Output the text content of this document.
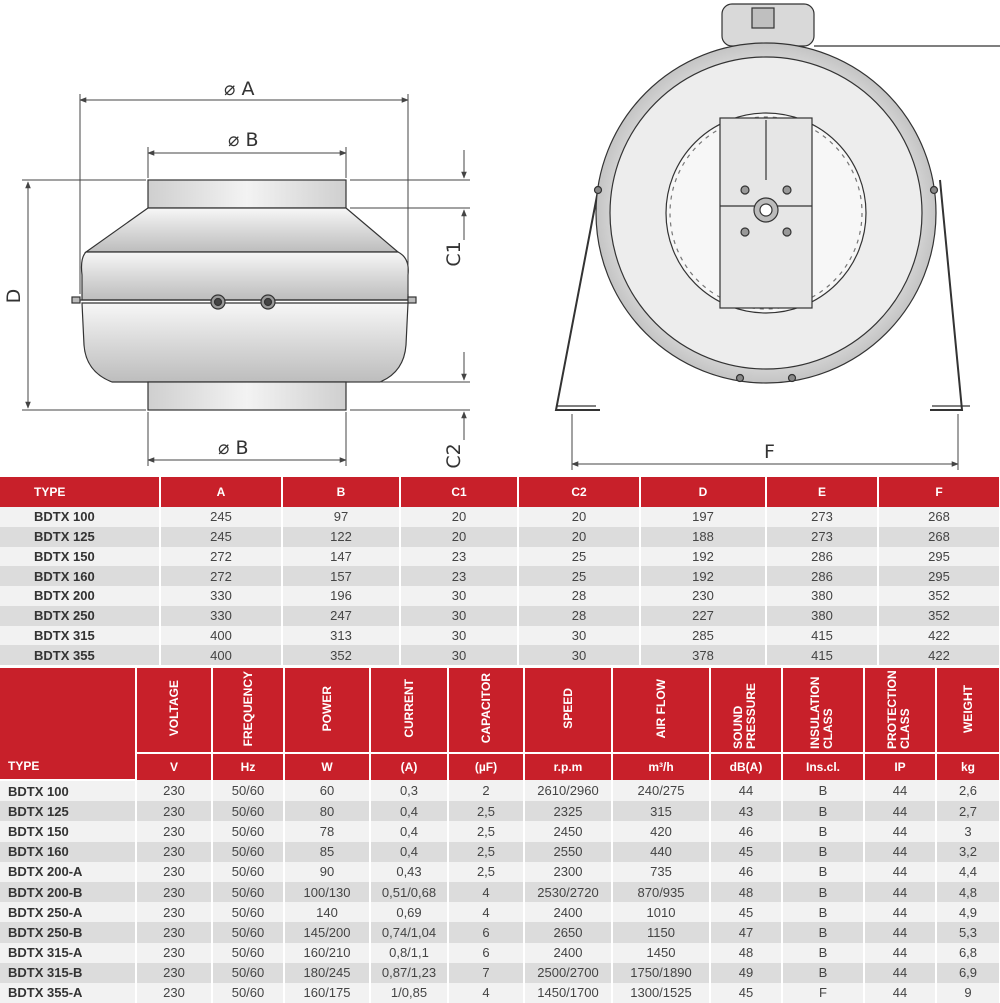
⌀ A
⌀ B
⌀ B
D
C1
C2	F
TYPE	A	B	C1	C2	D	E	F
BDTX 100	245	97	20	20	197	273	268
BDTX 125	245	122	20	20	188	273	268
BDTX 150	272	147	23	25	192	286	295
BDTX 160	272	157	23	25	192	286	295
BDTX 200	330	196	30	28	230	380	352
BDTX 250	330	247	30	28	227	380	352
BDTX 315	400	313	30	30	285	415	422
BDTX 355	400	352	30	30	378	415	422
TYPE	VOLTAGE	FREQUENCY	POWER	CURRENT	CAPACITOR	SPEED	AIR FLOW	SOUND PRESSURE	INSULATION CLASS	PROTECTION CLASS	WEIGHT
	V	Hz	W	(A)	(µF)	r.p.m	m³/h	dB(A)	Ins.cl.	IP	kg
BDTX 100	230	50/60	60	0,3	2	2610/2960	240/275	44	B	44	2,6
BDTX 125	230	50/60	80	0,4	2,5	2325	315	43	B	44	2,7
BDTX 150	230	50/60	78	0,4	2,5	2450	420	46	B	44	3
BDTX 160	230	50/60	85	0,4	2,5	2550	440	45	B	44	3,2
BDTX 200-A	230	50/60	90	0,43	2,5	2300	735	46	B	44	4,4
BDTX 200-B	230	50/60	100/130	0,51/0,68	4	2530/2720	870/935	48	B	44	4,8
BDTX 250-A	230	50/60	140	0,69	4	2400	1010	45	B	44	4,9
BDTX 250-B	230	50/60	145/200	0,74/1,04	6	2650	1150	47	B	44	5,3
BDTX 315-A	230	50/60	160/210	0,8/1,1	6	2400	1450	48	B	44	6,8
BDTX 315-B	230	50/60	180/245	0,87/1,23	7	2500/2700	1750/1890	49	B	44	6,9
BDTX 355-A	230	50/60	160/175	1/0,85	4	1450/1700	1300/1525	45	F	44	9
